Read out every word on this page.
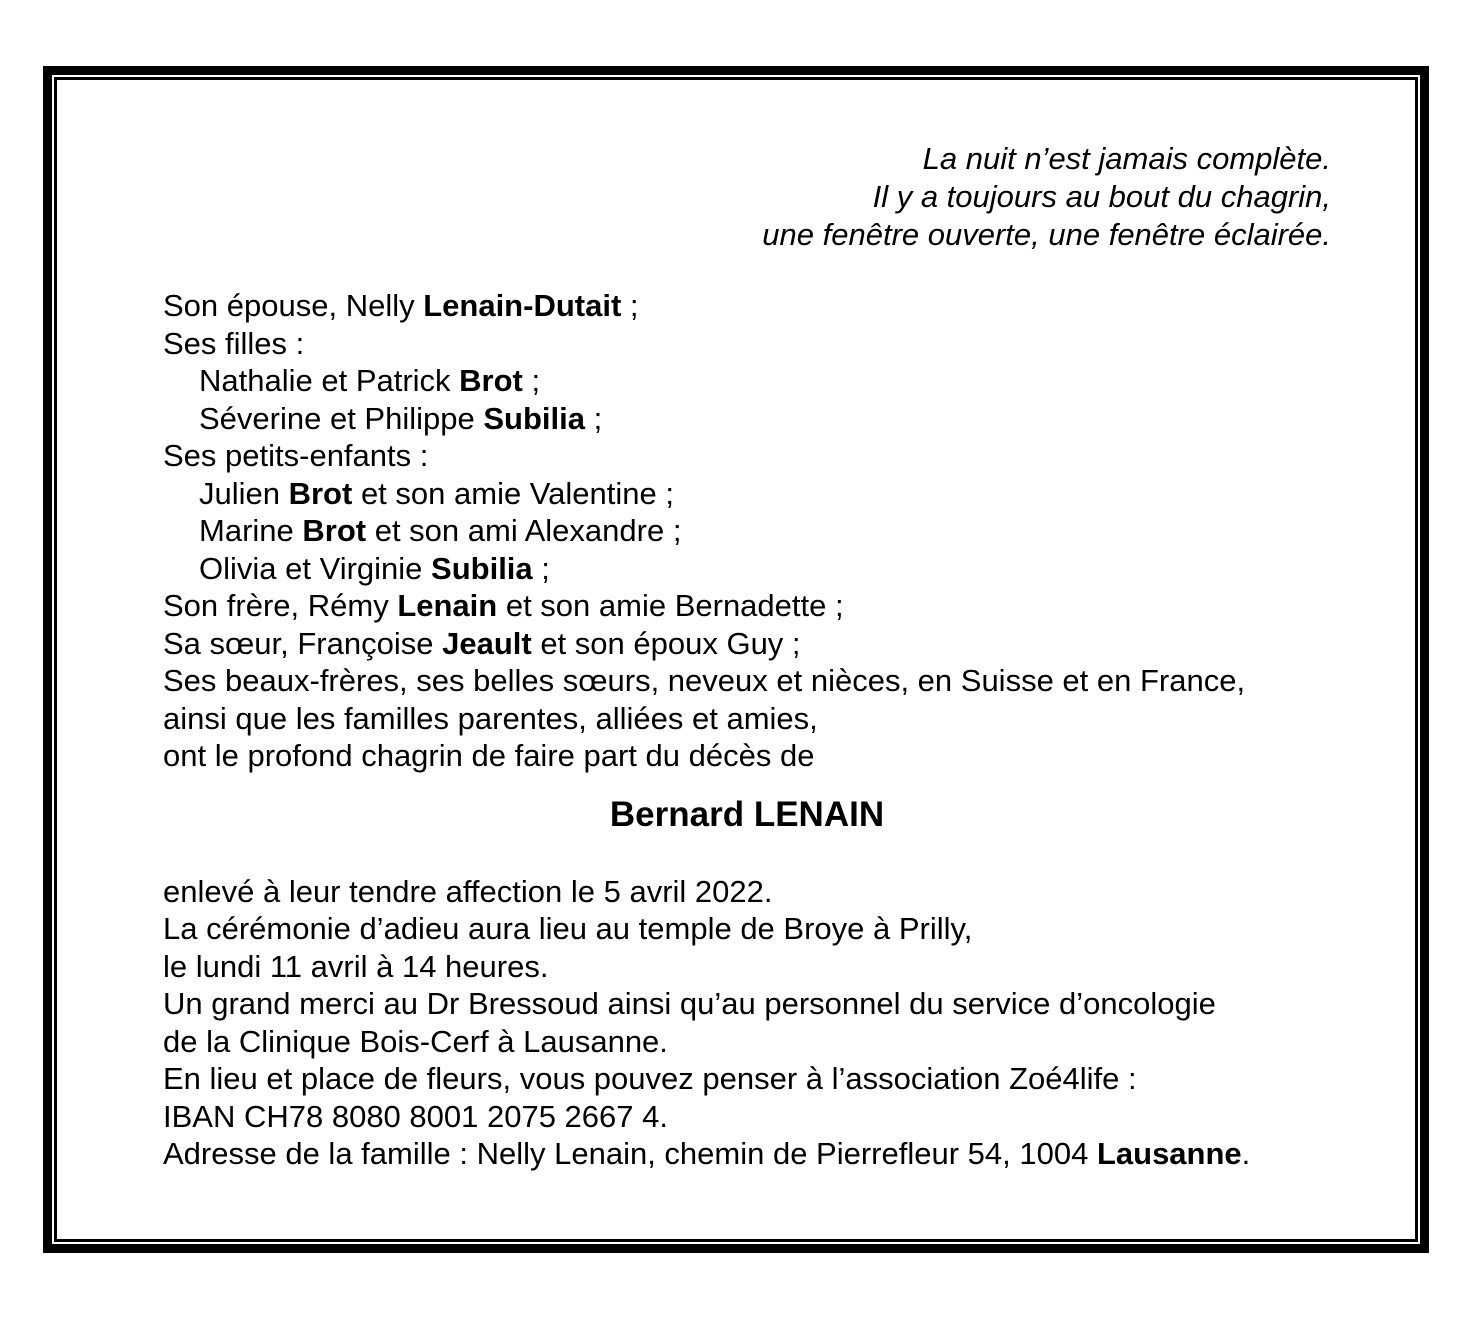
La nuit n’est jamais complète.
Il y a toujours au bout du chagrin,
une fenêtre ouverte, une fenêtre éclairée.
Son épouse, Nelly Lenain-Dutait ;
Ses filles :
Nathalie et Patrick Brot ;
Séverine et Philippe Subilia ;
Ses petits-enfants :
Julien Brot et son amie Valentine ;
Marine Brot et son ami Alexandre ;
Olivia et Virginie Subilia ;
Son frère, Rémy Lenain et son amie Bernadette ;
Sa sœur, Françoise Jeault et son époux Guy ;
Ses beaux-frères, ses belles sœurs, neveux et nièces, en Suisse et en France,
ainsi que les familles parentes, alliées et amies,
ont le profond chagrin de faire part du décès de
Bernard LENAIN
enlevé à leur tendre affection le 5 avril 2022.
La cérémonie d’adieu aura lieu au temple de Broye à Prilly,
le lundi 11 avril à 14 heures.
Un grand merci au Dr Bressoud ainsi qu’au personnel du service d’oncologie
de la Clinique Bois-Cerf à Lausanne.
En lieu et place de fleurs, vous pouvez penser à l’association Zoé4life :
IBAN CH78 8080 8001 2075 2667 4.
Adresse de la famille : Nelly Lenain, chemin de Pierrefleur 54, 1004 Lausanne.
